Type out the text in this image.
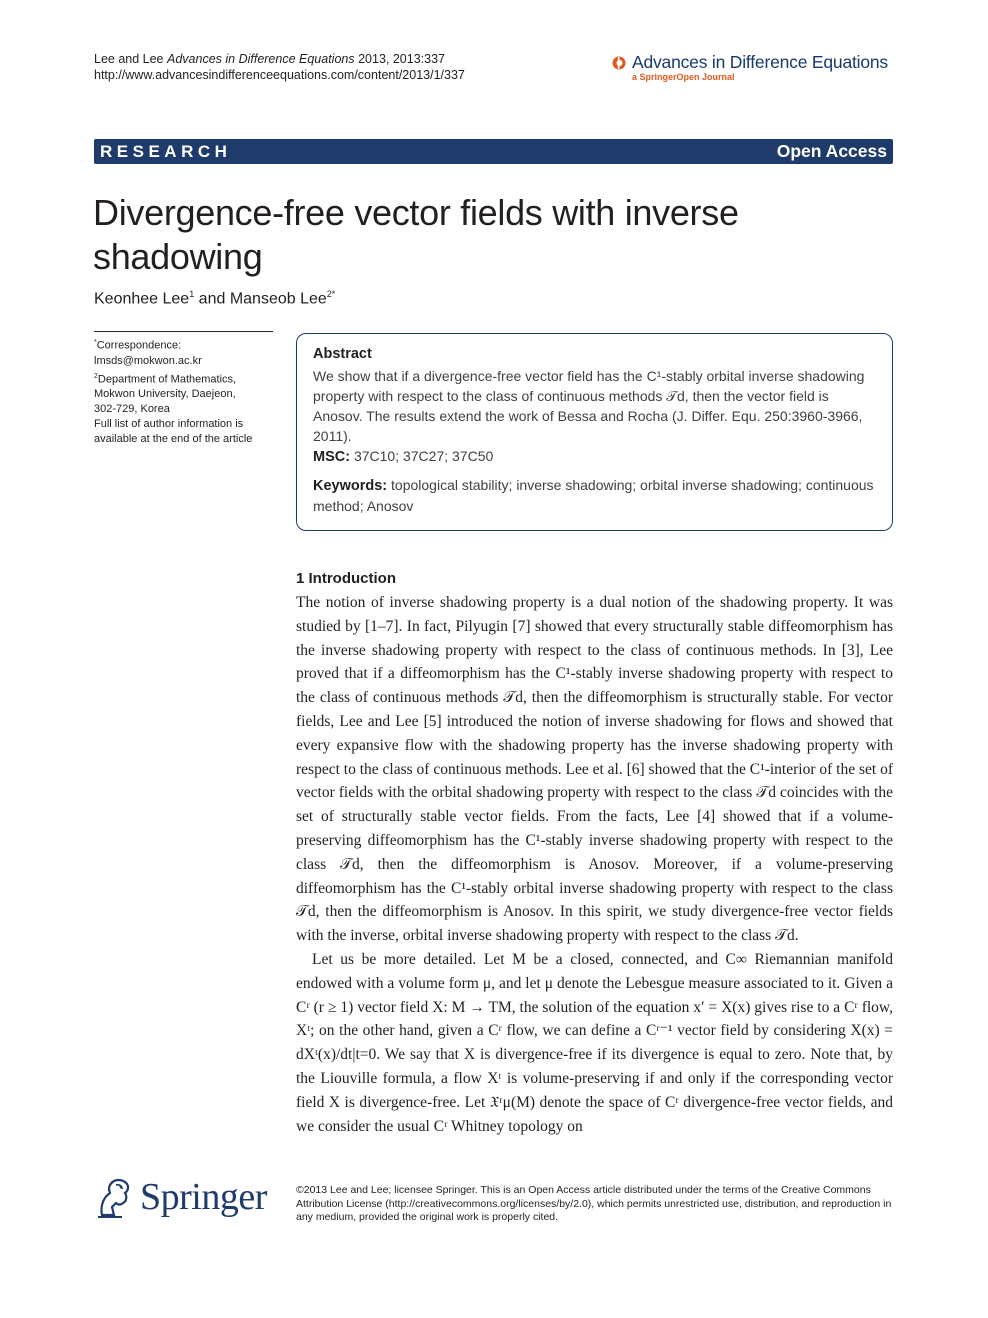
Lee and Lee Advances in Difference Equations 2013, 2013:337
http://www.advancesindifferenceequations.com/content/2013/1/337
Advances in Difference Equations
a SpringerOpen Journal
RESEARCH	Open Access
Divergence-free vector fields with inverse shadowing
Keonhee Lee$^1$ and Manseob Lee$^{2*}$
*Correspondence:
lmsds@mokwon.ac.kr
$^2$Department of Mathematics,
Mokwon University, Daejeon,
302-729, Korea
Full list of author information is
available at the end of the article
Abstract
We show that if a divergence-free vector field has the C¹-stably orbital inverse shadowing property with respect to the class of continuous methods 𝒯d, then the vector field is Anosov. The results extend the work of Bessa and Rocha (J. Differ. Equ. 250:3960-3966, 2011).
MSC: 37C10; 37C27; 37C50
Keywords: topological stability; inverse shadowing; orbital inverse shadowing; continuous method; Anosov
1 Introduction

The notion of inverse shadowing property is a dual notion of the shadowing property. It was studied by [1–7]. In fact, Pilyugin [7] showed that every structurally stable diffeomorphism has the inverse shadowing property with respect to the class of continuous methods. In [3], Lee proved that if a diffeomorphism has the C¹-stably inverse shadowing property with respect to the class of continuous methods 𝒯d, then the diffeomorphism is structurally stable. For vector fields, Lee and Lee [5] introduced the notion of inverse shadowing for flows and showed that every expansive flow with the shadowing property has the inverse shadowing property with respect to the class of continuous methods. Lee et al. [6] showed that the C¹-interior of the set of vector fields with the orbital shadowing property with respect to the class 𝒯d coincides with the set of structurally stable vector fields. From the facts, Lee [4] showed that if a volume-preserving diffeomorphism has the C¹-stably inverse shadowing property with respect to the class 𝒯d, then the diffeomorphism is Anosov. Moreover, if a volume-preserving diffeomorphism has the C¹-stably orbital inverse shadowing property with respect to the class 𝒯d, then the diffeomorphism is Anosov. In this spirit, we study divergence-free vector fields with the inverse, orbital inverse shadowing property with respect to the class 𝒯d.

Let us be more detailed. Let M be a closed, connected, and C∞ Riemannian manifold endowed with a volume form μ, and let μ denote the Lebesgue measure associated to it. Given a Cʳ (r ≥ 1) vector field X: M → TM, the solution of the equation x′ = X(x) gives rise to a Cʳ flow, Xᵗ; on the other hand, given a Cʳ flow, we can define a Cʳ⁻¹ vector field by considering X(x) = dXᵗ(x)/dt|t=0. We say that X is divergence-free if its divergence is equal to zero. Note that, by the Liouville formula, a flow Xᵗ is volume-preserving if and only if the corresponding vector field X is divergence-free. Let 𝔛ʳμ(M) denote the space of Cʳ divergence-free vector fields, and we consider the usual Cʳ Whitney topology on

Springer	©2013 Lee and Lee; licensee Springer. This is an Open Access article distributed under the terms of the Creative Commons Attribution License (http://creativecommons.org/licenses/by/2.0), which permits unrestricted use, distribution, and reproduction in any medium, provided the original work is properly cited.
